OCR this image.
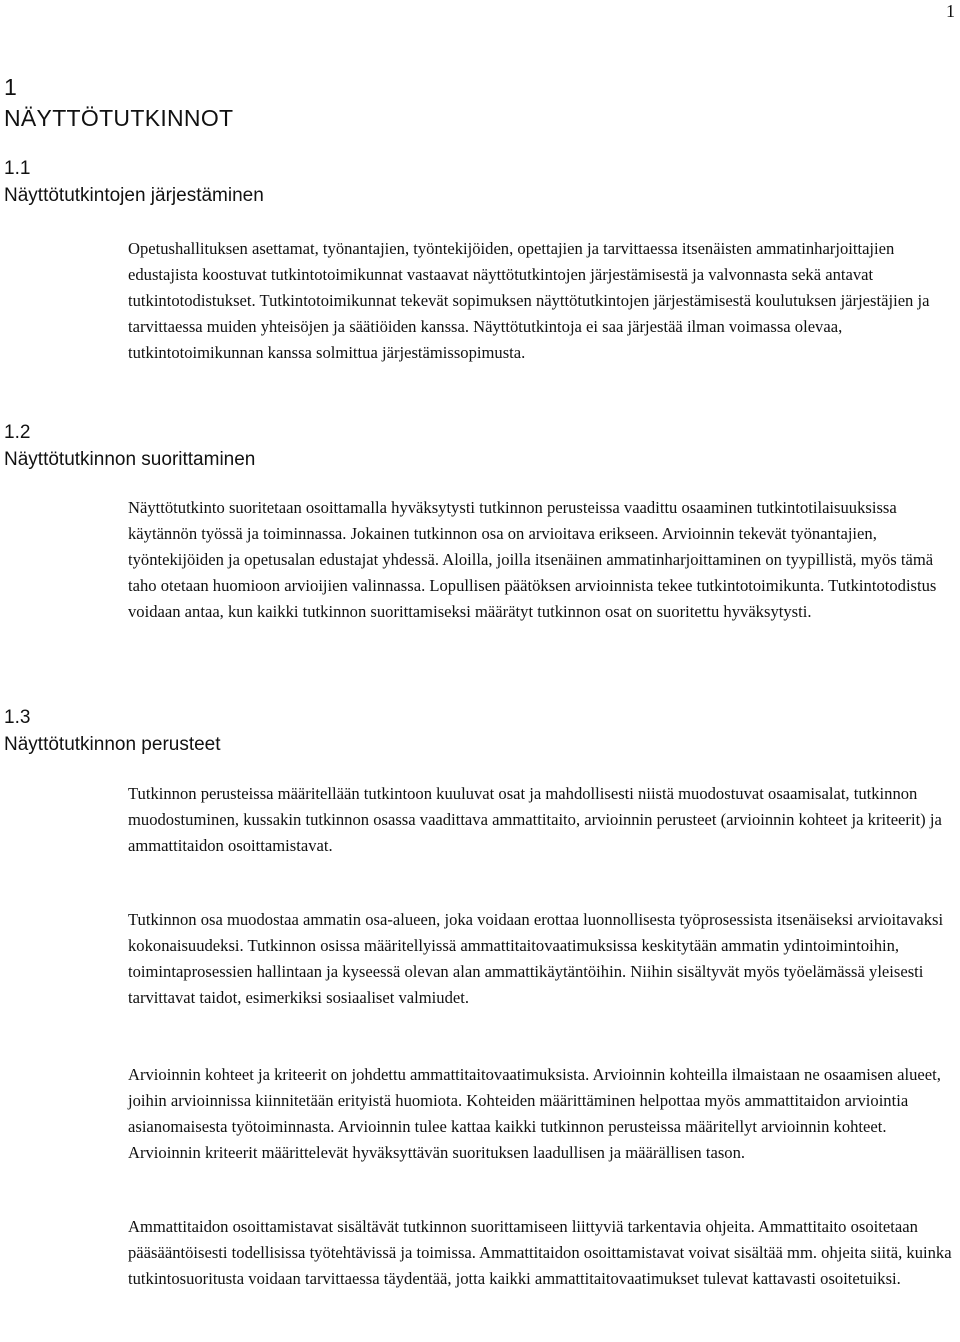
1
1
NÄYTTÖTUTKINNOT
1.1
Näyttötutkintojen järjestäminen

Opetushallituksen asettamat, työnantajien, työntekijöiden, opettajien ja tarvittaessa itsenäisten ammatinharjoittajien edustajista koostuvat tutkintotoimikunnat vastaavat näyttötutkintojen järjestämisestä ja valvonnasta sekä antavat tutkintotodistukset. Tutkintotoimikunnat tekevät sopimuksen näyttötutkintojen järjestämisestä koulutuksen järjestäjien ja tarvittaessa muiden yhteisöjen ja säätiöiden kanssa. Näyttötutkintoja ei saa järjestää ilman voimassa olevaa, tutkintotoimikunnan kanssa solmittua järjestämissopimusta.

1.2
Näyttötutkinnon suorittaminen

Näyttötutkinto suoritetaan osoittamalla hyväksytysti tutkinnon perusteissa vaadittu osaaminen tutkintotilaisuuksissa käytännön työssä ja toiminnassa. Jokainen tutkinnon osa on arvioitava erikseen. Arvioinnin tekevät työnantajien, työntekijöiden ja opetusalan edustajat yhdessä. Aloilla, joilla itsenäinen ammatinharjoittaminen on tyypillistä, myös tämä taho otetaan huomioon arvioijien valinnassa. Lopullisen päätöksen arvioinnista tekee tutkintotoimikunta. Tutkintotodistus voidaan antaa, kun kaikki tutkinnon suorittamiseksi määrätyt tutkinnon osat on suoritettu hyväksytysti.

1.3
Näyttötutkinnon perusteet

Tutkinnon perusteissa määritellään tutkintoon kuuluvat osat ja mahdollisesti niistä muodostuvat osaamisalat, tutkinnon muodostuminen, kussakin tutkinnon osassa vaadittava ammattitaito, arvioinnin perusteet (arvioinnin kohteet ja kriteerit) ja ammattitaidon osoittamistavat.

Tutkinnon osa muodostaa ammatin osa-alueen, joka voidaan erottaa luonnollisesta työprosessista itsenäiseksi arvioitavaksi kokonaisuudeksi. Tutkinnon osissa määritellyissä ammattitaitovaatimuksissa keskitytään ammatin ydintoimintoihin, toimintaprosessien hallintaan ja kyseessä olevan alan ammattikäytäntöihin. Niihin sisältyvät myös työelämässä yleisesti tarvittavat taidot, esimerkiksi sosiaaliset valmiudet.

Arvioinnin kohteet ja kriteerit on johdettu ammattitaitovaatimuksista. Arvioinnin kohteilla ilmaistaan ne osaamisen alueet, joihin arvioinnissa kiinnitetään erityistä huomiota. Kohteiden määrittäminen helpottaa myös ammattitaidon arviointia asianomaisesta työtoiminnasta. Arvioinnin tulee kattaa kaikki tutkinnon perusteissa määritellyt arvioinnin kohteet. Arvioinnin kriteerit määrittelevät hyväksyttävän suorituksen laadullisen ja määrällisen tason.

Ammattitaidon osoittamistavat sisältävät tutkinnon suorittamiseen liittyviä tarkentavia ohjeita. Ammattitaito osoitetaan pääsääntöisesti todellisissa työtehtävissä ja toimissa. Ammattitaidon osoittamistavat voivat sisältää mm. ohjeita siitä, kuinka tutkintosuoritusta voidaan tarvittaessa täydentää, jotta kaikki ammattitaitovaatimukset tulevat kattavasti osoitetuiksi.
